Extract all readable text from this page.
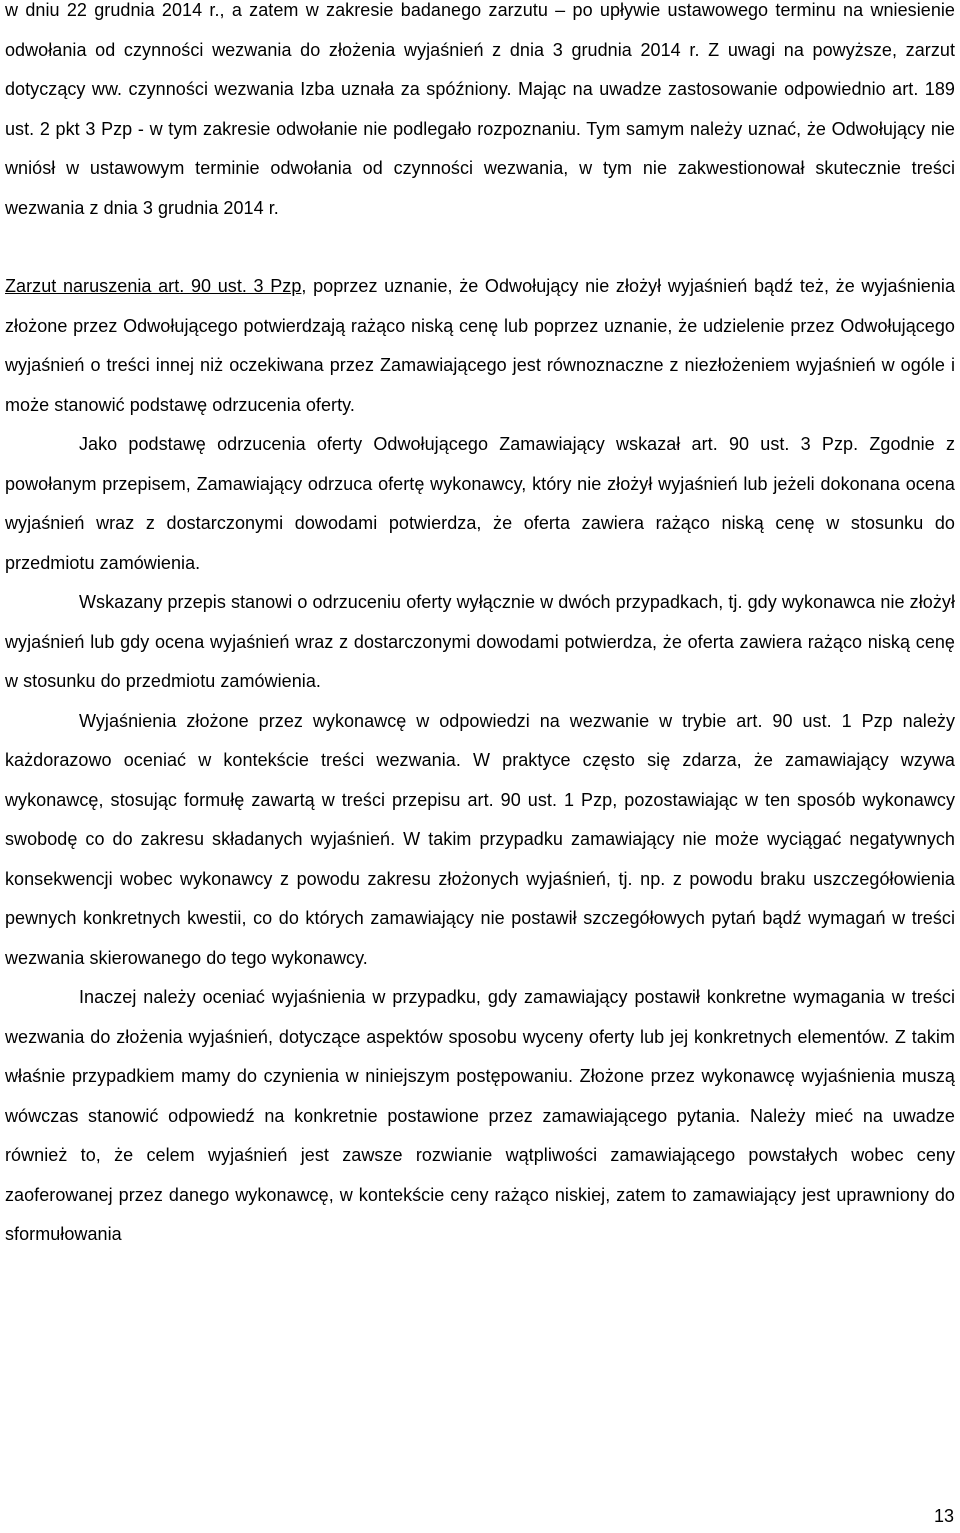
w dniu 22 grudnia 2014 r., a zatem w zakresie badanego zarzutu – po upływie ustawowego terminu na wniesienie odwołania od czynności wezwania do złożenia wyjaśnień z dnia 3 grudnia 2014 r. Z uwagi na powyższe, zarzut dotyczący ww. czynności wezwania Izba uznała za spóźniony. Mając na uwadze zastosowanie odpowiednio art. 189 ust. 2 pkt 3 Pzp - w tym zakresie odwołanie nie podlegało rozpoznaniu. Tym samym należy uznać, że Odwołujący nie wniósł w ustawowym terminie odwołania od czynności wezwania, w tym nie zakwestionował skutecznie treści wezwania z dnia 3 grudnia 2014 r.

Zarzut naruszenia art. 90 ust. 3 Pzp, poprzez uznanie, że Odwołujący nie złożył wyjaśnień bądź też, że wyjaśnienia złożone przez Odwołującego potwierdzają rażąco niską cenę lub poprzez uznanie, że udzielenie przez Odwołującego wyjaśnień o treści innej niż oczekiwana przez Zamawiającego jest równoznaczne z niezłożeniem wyjaśnień w ogóle i może stanowić podstawę odrzucenia oferty.

Jako podstawę odrzucenia oferty Odwołującego Zamawiający wskazał art. 90 ust. 3 Pzp. Zgodnie z powołanym przepisem, Zamawiający odrzuca ofertę wykonawcy, który nie złożył wyjaśnień lub jeżeli dokonana ocena wyjaśnień wraz z dostarczonymi dowodami potwierdza, że oferta zawiera rażąco niską cenę w stosunku do przedmiotu zamówienia.

Wskazany przepis stanowi o odrzuceniu oferty wyłącznie w dwóch przypadkach, tj. gdy wykonawca nie złożył wyjaśnień lub gdy ocena wyjaśnień wraz z dostarczonymi dowodami potwierdza, że oferta zawiera rażąco niską cenę w stosunku do przedmiotu zamówienia.

Wyjaśnienia złożone przez wykonawcę w odpowiedzi na wezwanie w trybie art. 90 ust. 1 Pzp należy każdorazowo oceniać w kontekście treści wezwania. W praktyce często się zdarza, że zamawiający wzywa wykonawcę, stosując formułę zawartą w treści przepisu art. 90 ust. 1 Pzp, pozostawiając w ten sposób wykonawcy swobodę co do zakresu składanych wyjaśnień. W takim przypadku zamawiający nie może wyciągać negatywnych konsekwencji wobec wykonawcy z powodu zakresu złożonych wyjaśnień, tj. np. z powodu braku uszczegółowienia pewnych konkretnych kwestii, co do których zamawiający nie postawił szczegółowych pytań bądź wymagań w treści wezwania skierowanego do tego wykonawcy.

Inaczej należy oceniać wyjaśnienia w przypadku, gdy zamawiający postawił konkretne wymagania w treści wezwania do złożenia wyjaśnień, dotyczące aspektów sposobu wyceny oferty lub jej konkretnych elementów. Z takim właśnie przypadkiem mamy do czynienia w niniejszym postępowaniu. Złożone przez wykonawcę wyjaśnienia muszą wówczas stanowić odpowiedź na konkretnie postawione przez zamawiającego pytania. Należy mieć na uwadze również to, że celem wyjaśnień jest zawsze rozwianie wątpliwości zamawiającego powstałych wobec ceny zaoferowanej przez danego wykonawcę, w kontekście ceny rażąco niskiej, zatem to zamawiający jest uprawniony do sformułowania

13
